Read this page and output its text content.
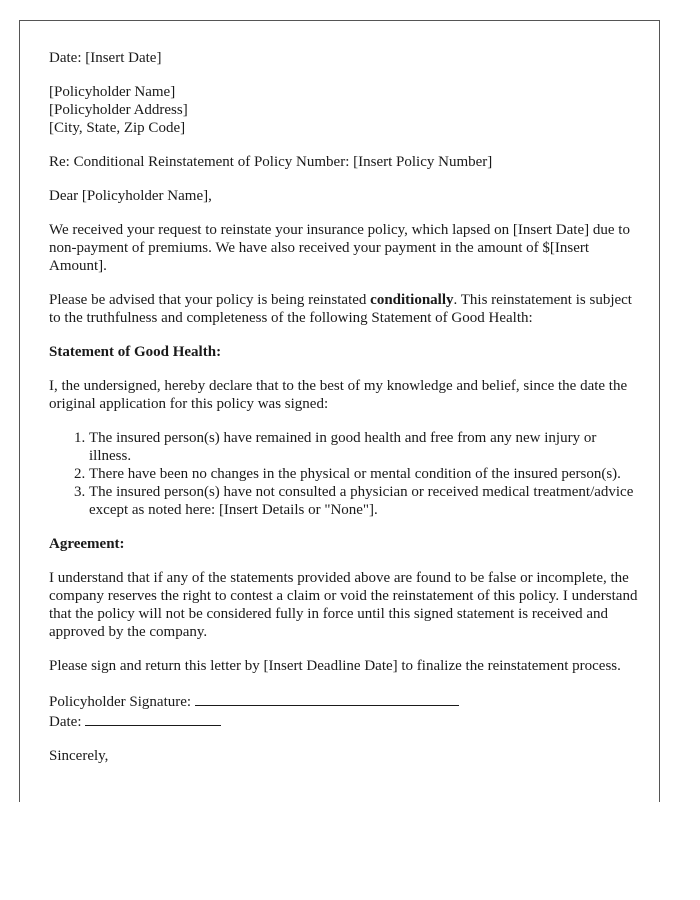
Date: [Insert Date]

[Policyholder Name]
[Policyholder Address]
[City, State, Zip Code]

Re: Conditional Reinstatement of Policy Number: [Insert Policy Number]

Dear [Policyholder Name],

We received your request to reinstate your insurance policy, which lapsed on [Insert Date] due to non-payment of premiums. We have also received your payment in the amount of $[Insert Amount].

Please be advised that your policy is being reinstated conditionally. This reinstatement is subject to the truthfulness and completeness of the following Statement of Good Health:

Statement of Good Health:

I, the undersigned, hereby declare that to the best of my knowledge and belief, since the date the original application for this policy was signed:

1. The insured person(s) have remained in good health and free from any new injury or illness.
2. There have been no changes in the physical or mental condition of the insured person(s).
3. The insured person(s) have not consulted a physician or received medical treatment/advice except as noted here: [Insert Details or "None"].
Agreement:

I understand that if any of the statements provided above are found to be false or incomplete, the company reserves the right to contest a claim or void the reinstatement of this policy. I understand that the policy will not be considered fully in force until this signed statement is received and approved by the company.

Please sign and return this letter by [Insert Deadline Date] to finalize the reinstatement process.

Policyholder Signature:
Date:

Sincerely,
